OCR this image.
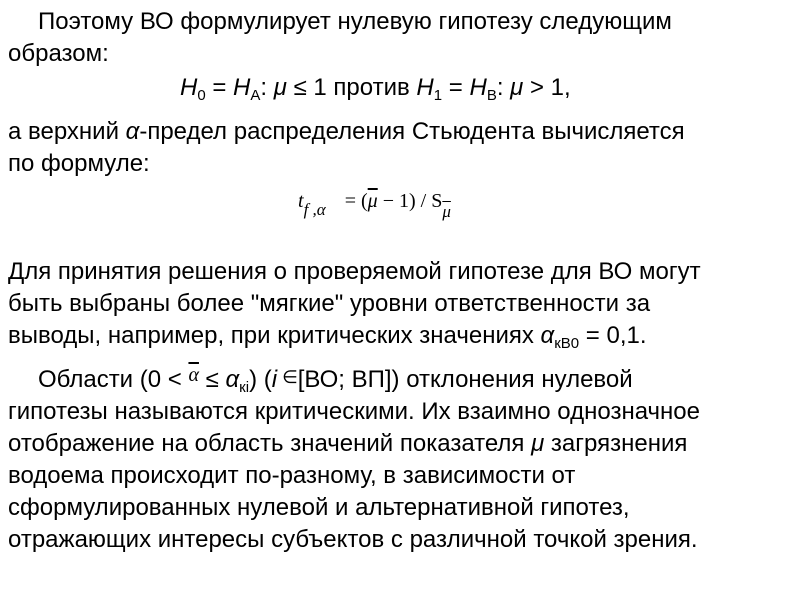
Поэтому ВО формулирует нулевую гипотезу следующим
образом:
$H_0 = H_A$: μ ≤ 1 против $H_1 = H_B$: μ > 1,
а верхний α-предел распределения Стьюдента вычисляется
по формуле:
$t_{f ,\alpha} = (\overline{\mu} - 1) / S_{\overline{\mu}}$
Для принятия решения о проверяемой гипотезе для ВО могут
быть выбраны более "мягкие" уровни ответственности за
выводы, например, при критических значениях $\alpha_{кВ0} = 0,1$.
Области $(0 < ^{\overline{\alpha}} \le \alpha_{кi})$ (i ∈[ВО; ВП]) отклонения нулевой
гипотезы называются критическими. Их взаимно однозначное
отображение на область значений показателя μ загрязнения
водоема происходит по-разному, в зависимости от
сформулированных нулевой и альтернативной гипотез,
отражающих интересы субъектов с различной точкой зрения.
